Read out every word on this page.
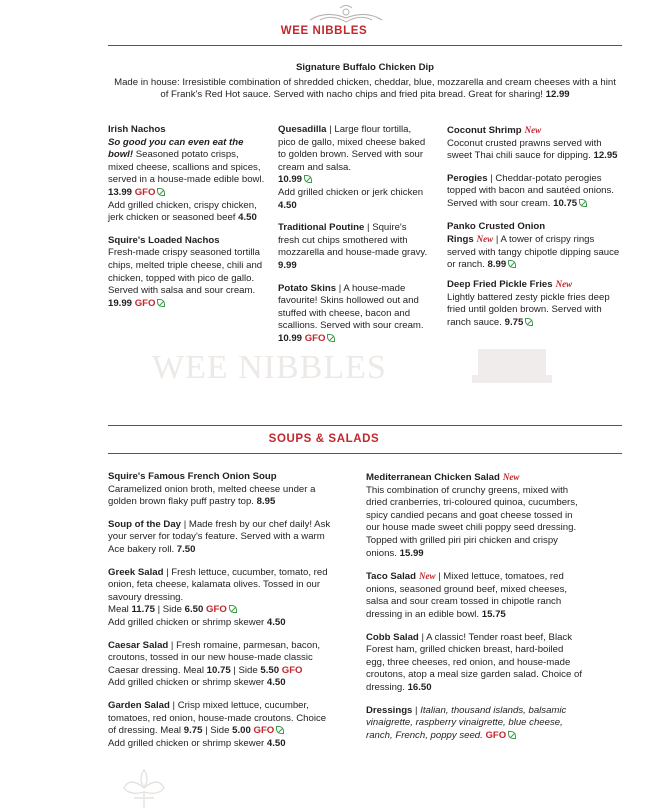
WEE NIBBLES
Signature Buffalo Chicken Dip
Made in house: Irresistible combination of shredded chicken, cheddar, blue, mozzarella and cream cheeses with a hint of Frank's Red Hot sauce. Served with nacho chips and fried pita bread. Great for sharing! 12.99
WEE NIBBLES
Irish Nachos
So good you can even eat the bowl! Seasoned potato crisps, mixed cheese, scallions and spices, served in a house-made edible bowl. 13.99 GFO
Add grilled chicken, crispy chicken, jerk chicken or seasoned beef 4.50
Squire's Loaded Nachos
Fresh-made crispy seasoned tortilla chips, melted triple cheese, chili and chicken, topped with pico de gallo. Served with salsa and sour cream. 19.99 GFO
Quesadilla | Large flour tortilla, pico de gallo, mixed cheese baked to golden brown. Served with sour cream and salsa.
10.99
Add grilled chicken or jerk chicken 4.50
Traditional Poutine | Squire's fresh cut chips smothered with mozzarella and house-made gravy. 9.99
Potato Skins | A house-made favourite! Skins hollowed out and stuffed with cheese, bacon and scallions. Served with sour cream.
10.99 GFO
Coconut Shrimp New
Coconut crusted prawns served with sweet Thai chili sauce for dipping. 12.95
Perogies | Cheddar-potato perogies topped with bacon and sautéed onions. Served with sour cream. 10.75
Panko Crusted Onion
Rings New | A tower of crispy rings served with tangy chipotle dipping sauce or ranch. 8.99
Deep Fried Pickle Fries New
Lightly battered zesty pickle fries deep fried until golden brown. Served with ranch sauce. 9.75
SOUPS & SALADS
Squire's Famous French Onion Soup
Caramelized onion broth, melted cheese under a golden brown flaky puff pastry top. 8.95
Soup of the Day | Made fresh by our chef daily! Ask your server for today's feature. Served with a warm Ace bakery roll. 7.50
Greek Salad | Fresh lettuce, cucumber, tomato, red onion, feta cheese, kalamata olives. Tossed in our savoury dressing.
Meal 11.75 | Side 6.50 GFO
Add grilled chicken or shrimp skewer 4.50
Caesar Salad | Fresh romaine, parmesan, bacon, croutons, tossed in our new house-made classic Caesar dressing. Meal 10.75 | Side 5.50 GFO
Add grilled chicken or shrimp skewer 4.50
Garden Salad | Crisp mixed lettuce, cucumber, tomatoes, red onion, house-made croutons. Choice of dressing. Meal 9.75 | Side 5.00 GFO
Add grilled chicken or shrimp skewer 4.50
Mediterranean Chicken Salad New
This combination of crunchy greens, mixed with dried cranberries, tri-coloured quinoa, cucumbers, spicy candied pecans and goat cheese tossed in our house made sweet chili poppy seed dressing. Topped with grilled piri piri chicken and crispy onions. 15.99
Taco Salad New | Mixed lettuce, tomatoes, red onions, seasoned ground beef, mixed cheeses, salsa and sour cream tossed in chipotle ranch dressing in an edible bowl. 15.75
Cobb Salad | A classic! Tender roast beef, Black Forest ham, grilled chicken breast, hard-boiled egg, three cheeses, red onion, and house-made croutons, atop a meal size garden salad. Choice of dressing. 16.50
Dressings | Italian, thousand islands, balsamic vinaigrette, raspberry vinaigrette, blue cheese, ranch, French, poppy seed. GFO
